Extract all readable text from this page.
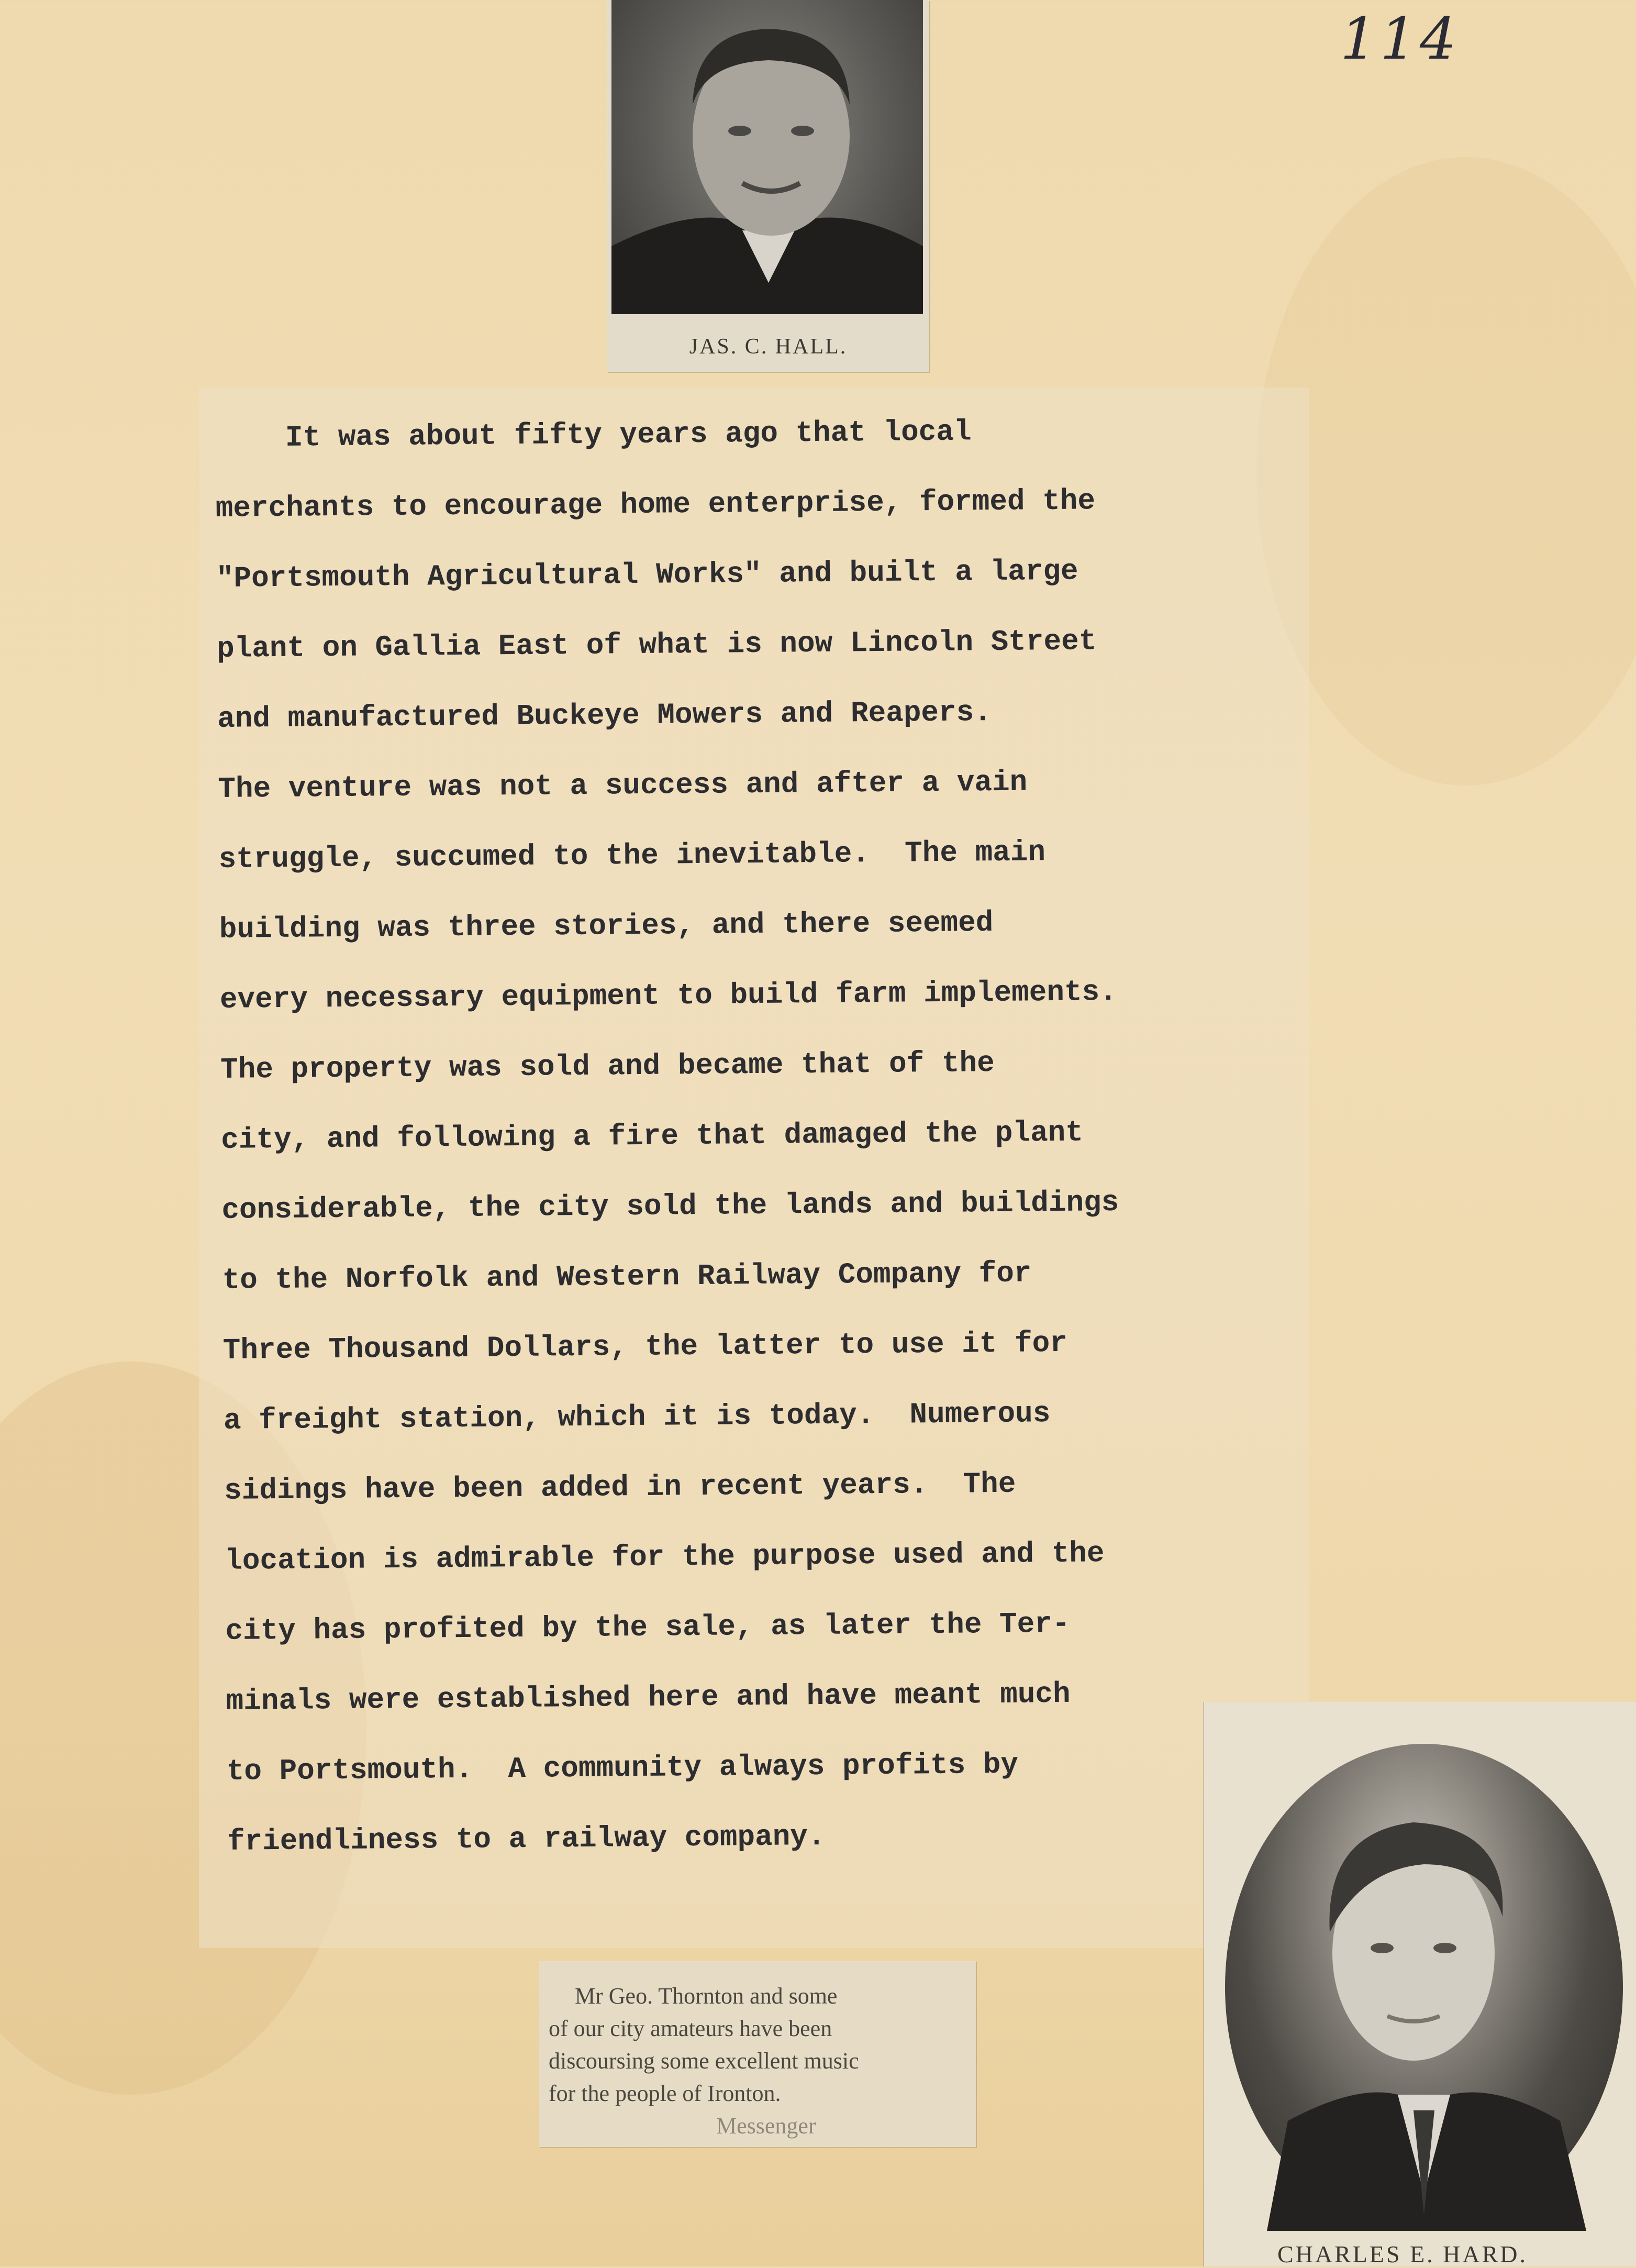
114
JAS. C. HALL.
It was about fifty years ago that local
merchants to encourage home enterprise, formed the
"Portsmouth Agricultural Works" and built a large
plant on Gallia East of what is now Lincoln Street
and manufactured Buckeye Mowers and Reapers.
The venture was not a success and after a vain
struggle, succumed to the inevitable.  The main
building was three stories, and there seemed
every necessary equipment to build farm implements.
The property was sold and became that of the
city, and following a fire that damaged the plant
considerable, the city sold the lands and buildings
to the Norfolk and Western Railway Company for
Three Thousand Dollars, the latter to use it for
a freight station, which it is today.  Numerous
sidings have been added in recent years.  The
location is admirable for the purpose used and the
city has profited by the sale, as later the Ter-
minals were established here and have meant much
to Portsmouth.  A community always profits by
friendliness to a railway company.
Mr Geo. Thornton and some
of our city amateurs have been
discoursing some excellent music
for the people of Ironton.
Messenger
CHARLES E. HARD.
